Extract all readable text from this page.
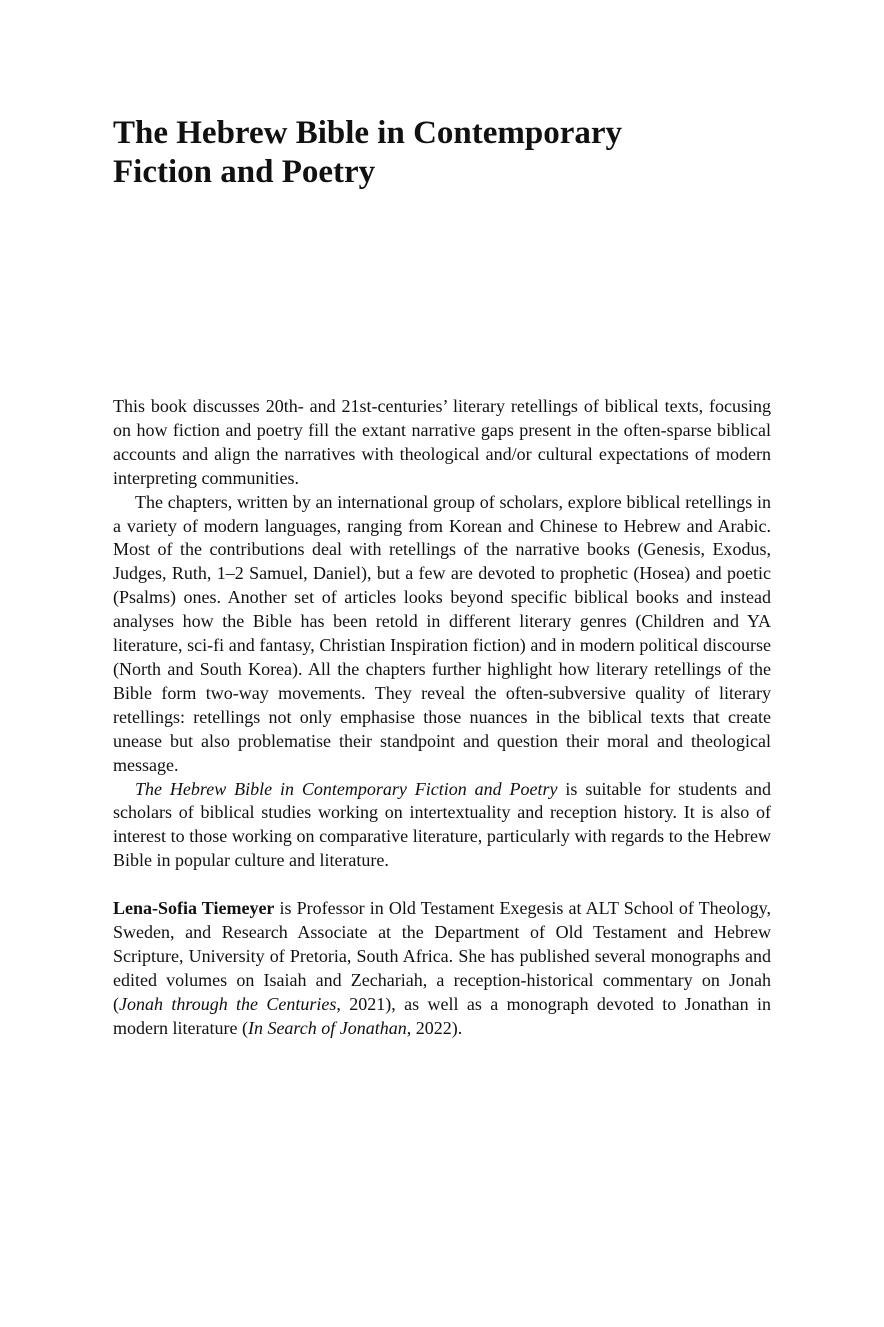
The Hebrew Bible in Contemporary
Fiction and Poetry

This book discusses 20th- and 21st-centuries’ literary retellings of biblical texts, focusing on how fiction and poetry fill the extant narrative gaps present in the often-sparse biblical accounts and align the narratives with theological and/or cultural expectations of modern interpreting communities.

The chapters, written by an international group of scholars, explore biblical retellings in a variety of modern languages, ranging from Korean and Chinese to Hebrew and Arabic. Most of the contributions deal with retellings of the narrative books (Genesis, Exodus, Judges, Ruth, 1–2 Samuel, Daniel), but a few are devoted to prophetic (Hosea) and poetic (Psalms) ones. Another set of articles looks beyond specific biblical books and instead analyses how the Bible has been retold in different literary genres (Children and YA literature, sci-fi and fantasy, Christian Inspiration fiction) and in modern political discourse (North and South Korea). All the chapters further highlight how literary retellings of the Bible form two-way movements. They reveal the often-subversive quality of literary retellings: retellings not only emphasise those nuances in the biblical texts that create unease but also problematise their standpoint and question their moral and theological message.

The Hebrew Bible in Contemporary Fiction and Poetry is suitable for students and scholars of biblical studies working on intertextuality and reception history. It is also of interest to those working on comparative literature, particularly with regards to the Hebrew Bible in popular culture and literature.

Lena-Sofia Tiemeyer is Professor in Old Testament Exegesis at ALT School of Theology, Sweden, and Research Associate at the Department of Old Testament and Hebrew Scripture, University of Pretoria, South Africa. She has published several monographs and edited volumes on Isaiah and Zechariah, a reception-historical commentary on Jonah (Jonah through the Centuries, 2021), as well as a monograph devoted to Jonathan in modern literature (In Search of Jonathan, 2022).
